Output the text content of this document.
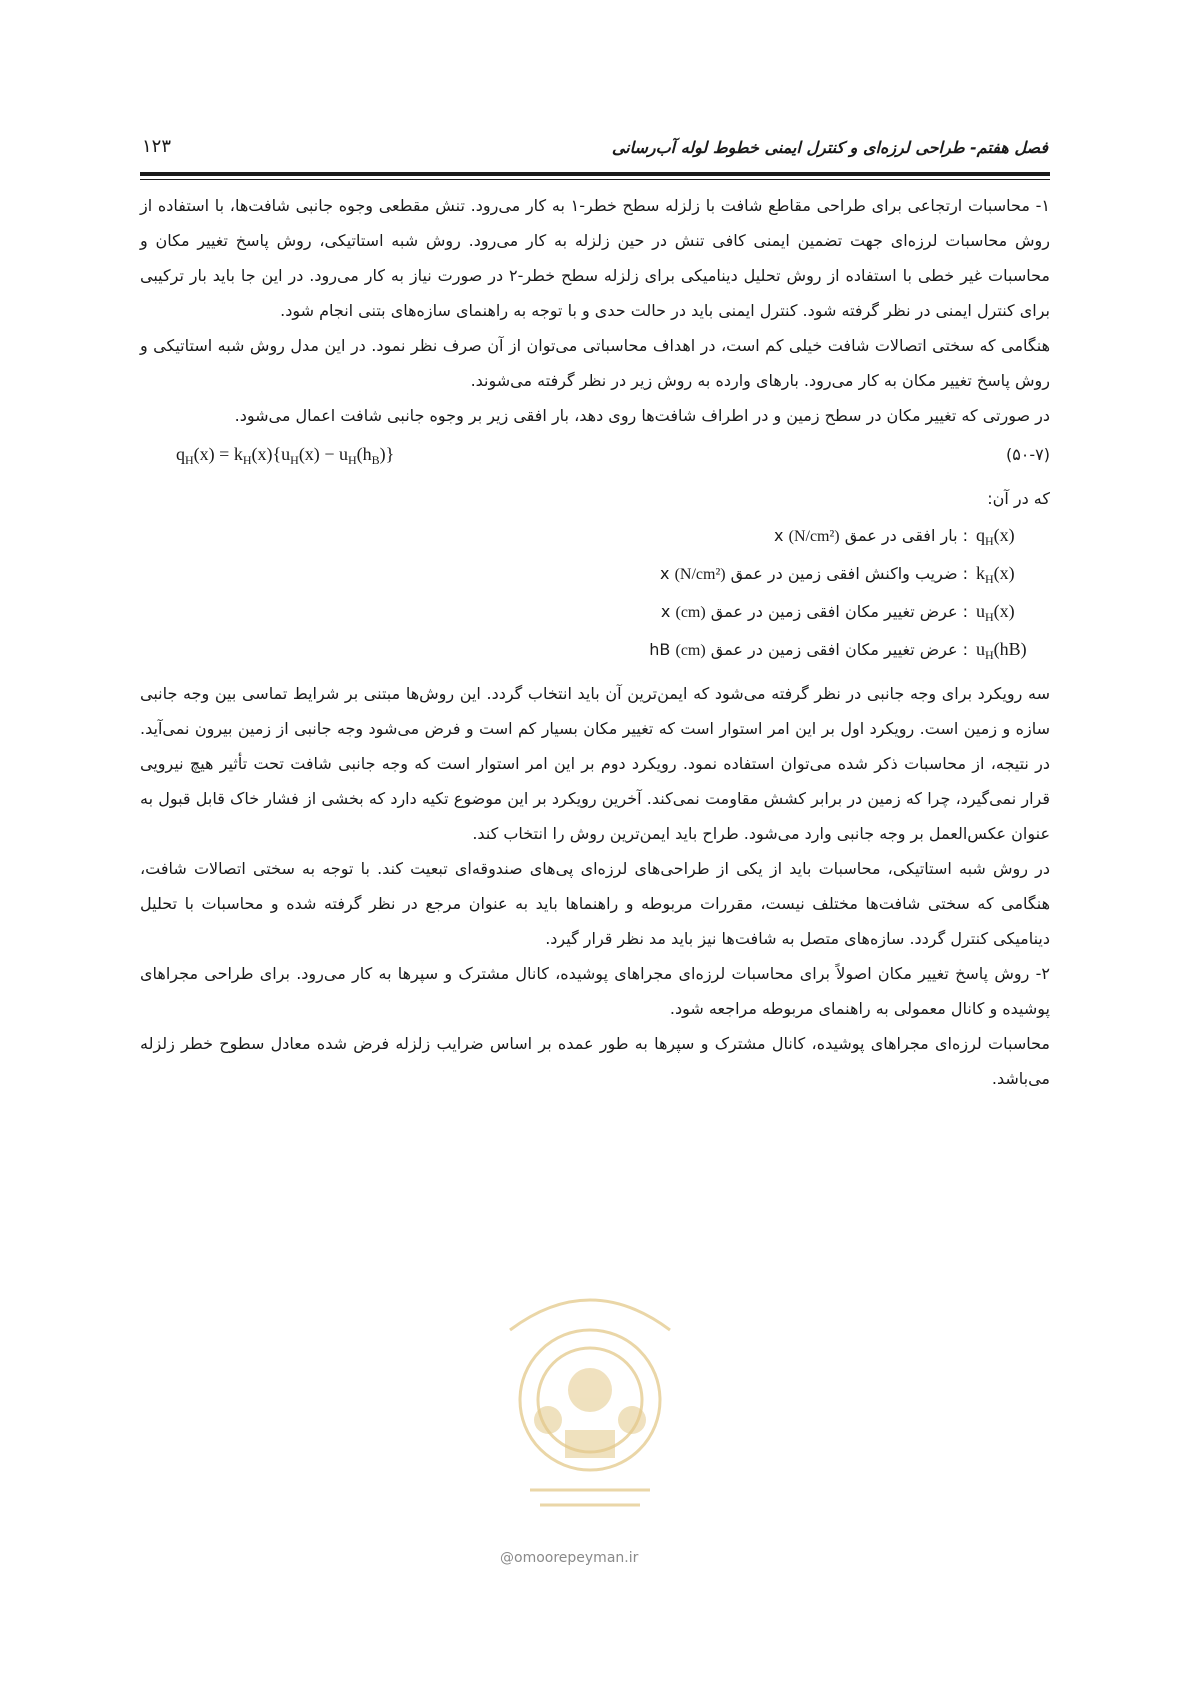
فصل هفتم- طراحی لرزه‌ای و کنترل ایمنی خطوط لوله آب‌رسانی
۱۲۳

۱- محاسبات ارتجاعی برای طراحی مقاطع شافت با زلزله سطح خطر-۱ به کار می‌رود. تنش مقطعی وجوه جانبی شافت‌ها، با استفاده از روش محاسبات لرزه‌ای جهت تضمین ایمنی کافی تنش در حین زلزله به کار می‌رود. روش شبه استاتیکی، روش پاسخ تغییر مکان و محاسبات غیر خطی با استفاده از روش تحلیل دینامیکی برای زلزله سطح خطر-۲ در صورت نیاز به کار می‌رود. در این جا باید بار ترکیبی برای کنترل ایمنی در نظر گرفته شود. کنترل ایمنی باید در حالت حدی و با توجه به راهنمای سازه‌های بتنی انجام شود.

هنگامی که سختی اتصالات شافت خیلی کم است، در اهداف محاسباتی می‌توان از آن صرف نظر نمود. در این مدل روش شبه استاتیکی و روش پاسخ تغییر مکان به کار می‌رود. بارهای وارده به روش زیر در نظر گرفته می‌شوند.

در صورتی که تغییر مکان در سطح زمین و در اطراف شافت‌ها روی دهد، بار افقی زیر بر وجوه جانبی شافت اعمال می‌شود.

(۵۰-۷)
$q_H(x) = k_H(x)\{u_H(x) - u_H(h_B)\}$

که در آن:

$q_H(x)$
: بار افقی در عمق x (N/cm²)
$k_H(x)$
: ضریب واکنش افقی زمین در عمق x (N/cm²)
$u_H(x)$
: عرض تغییر مکان افقی زمین در عمق x (cm)
$u_H(hB)$
: عرض تغییر مکان افقی زمین در عمق hB (cm)

سه رویکرد برای وجه جانبی در نظر گرفته می‌شود که ایمن‌ترین آن باید انتخاب گردد. این روش‌ها مبتنی بر شرایط تماسی بین وجه جانبی سازه و زمین است. رویکرد اول بر این امر استوار است که تغییر مکان بسیار کم است و فرض می‌شود وجه جانبی از زمین بیرون نمی‌آید. در نتیجه، از محاسبات ذکر شده می‌توان استفاده نمود. رویکرد دوم بر این امر استوار است که وجه جانبی شافت تحت تأثیر هیچ نیرویی قرار نمی‌گیرد، چرا که زمین در برابر کشش مقاومت نمی‌کند. آخرین رویکرد بر این موضوع تکیه دارد که بخشی از فشار خاک قابل قبول به عنوان عکس‌العمل بر وجه جانبی وارد می‌شود. طراح باید ایمن‌ترین روش را انتخاب کند.

در روش شبه استاتیکی، محاسبات باید از یکی از طراحی‌های لرزه‌ای پی‌های صندوقه‌ای تبعیت کند. با توجه به سختی اتصالات شافت، هنگامی که سختی شافت‌ها مختلف نیست، مقررات مربوطه و راهنماها باید به عنوان مرجع در نظر گرفته شده و محاسبات با تحلیل دینامیکی کنترل گردد. سازه‌های متصل به شافت‌ها نیز باید مد نظر قرار گیرد.

۲- روش پاسخ تغییر مکان اصولاً برای محاسبات لرزه‌ای مجراهای پوشیده، کانال مشترک و سپرها به کار می‌رود. برای طراحی مجراهای پوشیده و کانال معمولی به راهنمای مربوطه مراجعه شود.

محاسبات لرزه‌ای مجراهای پوشیده، کانال مشترک و سپرها به طور عمده بر اساس ضرایب زلزله فرض شده معادل سطوح خطر زلزله می‌باشد.

@omoorepeyman.ir
